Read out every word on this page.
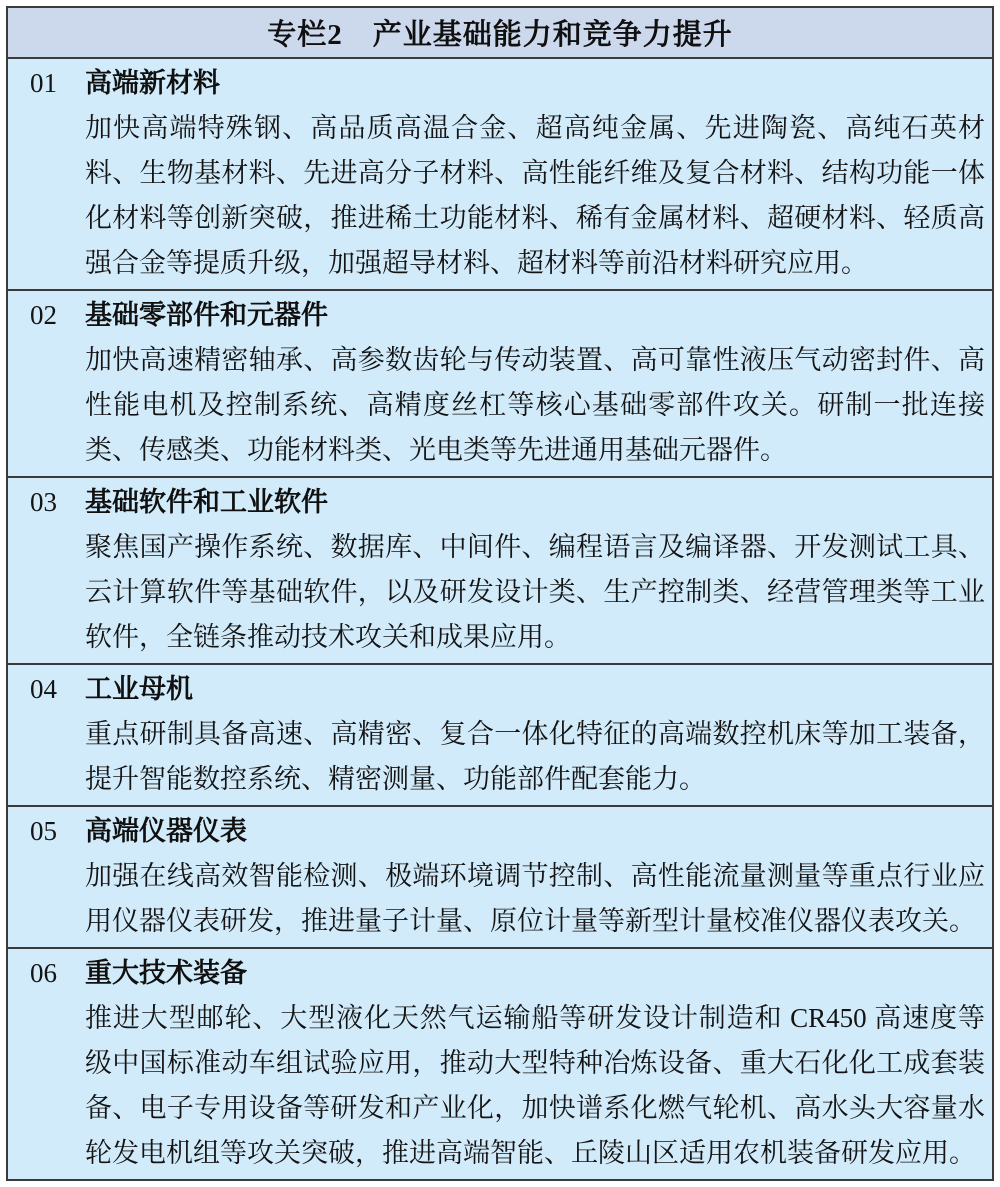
专栏2　产业基础能力和竞争力提升
01	高端新材料

加快高端特殊钢、高品质高温合金、超高纯金属、先进陶瓷、高纯石英材料、生物基材料、先进高分子材料、高性能纤维及复合材料、结构功能一体化材料等创新突破，推进稀土功能材料、稀有金属材料、超硬材料、轻质高强合金等提质升级，加强超导材料、超材料等前沿材料研究应用。

02	基础零部件和元器件

加快高速精密轴承、高参数齿轮与传动装置、高可靠性液压气动密封件、高性能电机及控制系统、高精度丝杠等核心基础零部件攻关。研制一批连接类、传感类、功能材料类、光电类等先进通用基础元器件。

03	基础软件和工业软件

聚焦国产操作系统、数据库、中间件、编程语言及编译器、开发测试工具、云计算软件等基础软件，以及研发设计类、生产控制类、经营管理类等工业软件，全链条推动技术攻关和成果应用。

04	工业母机

重点研制具备高速、高精密、复合一体化特征的高端数控机床等加工装备，提升智能数控系统、精密测量、功能部件配套能力。

05	高端仪器仪表

加强在线高效智能检测、极端环境调节控制、高性能流量测量等重点行业应用仪器仪表研发，推进量子计量、原位计量等新型计量校准仪器仪表攻关。

06	重大技术装备

推进大型邮轮、大型液化天然气运输船等研发设计制造和 CR450 高速度等级中国标准动车组试验应用，推动大型特种冶炼设备、重大石化化工成套装备、电子专用设备等研发和产业化，加快谱系化燃气轮机、高水头大容量水轮发电机组等攻关突破，推进高端智能、丘陵山区适用农机装备研发应用。
